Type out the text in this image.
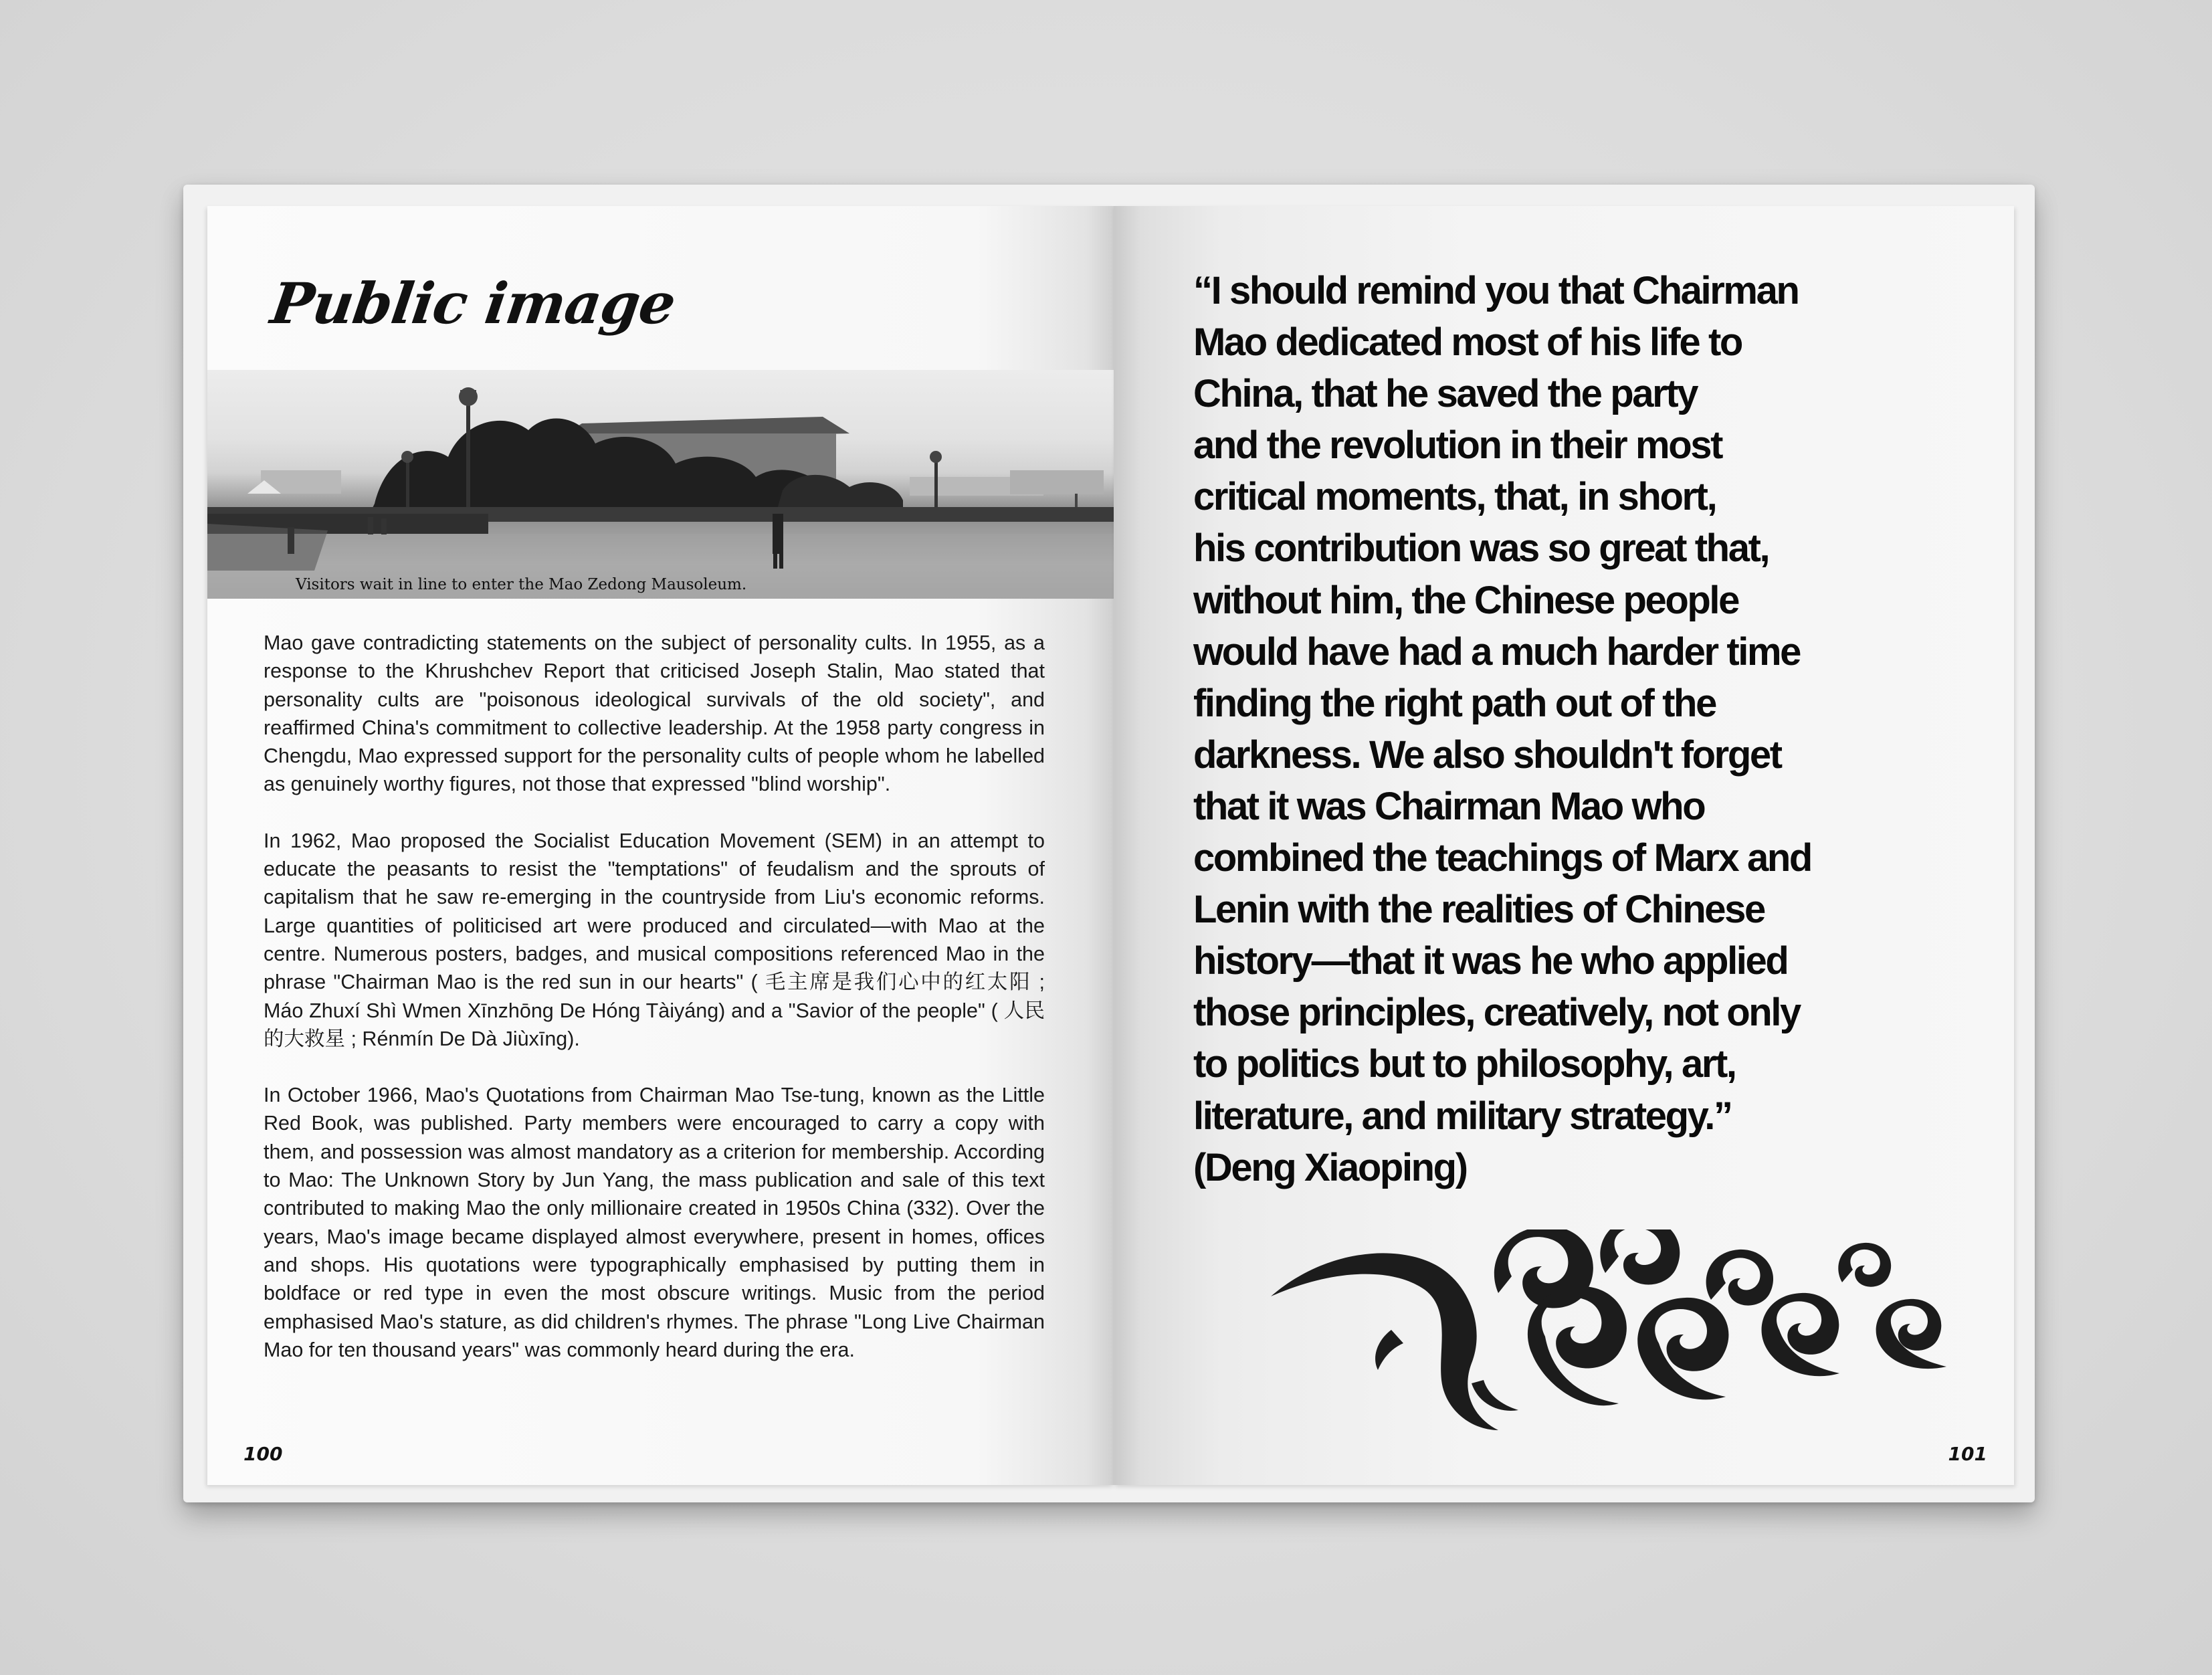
Public image
Visitors wait in line to enter the Mao Zedong Mausoleum.

Mao gave contradicting statements on the subject of personality cults. In 1955, as a response to the Khrushchev Report that criticised Joseph Stalin, Mao stated that personality cults are "poisonous ideological survivals of the old society", and reaffirmed China's commitment to collective leadership. At the 1958 party congress in Chengdu, Mao expressed support for the personality cults of people whom he labelled as genuinely worthy figures, not those that expressed "blind worship".

In 1962, Mao proposed the Socialist Education Movement (SEM) in an attempt to educate the peasants to resist the "temptations" of feudalism and the sprouts of capitalism that he saw re-emerging in the countryside from Liu's economic reforms. Large quantities of politicised art were produced and circulated—with Mao at the centre. Numerous posters, badges, and musical compositions referenced Mao in the phrase "Chairman Mao is the red sun in our hearts" ( 毛主席是我们心中的红太阳 ; Máo Zhuxí Shì Wmen Xīnzhōng De Hóng Tàiyáng) and a "Savior of the people" ( 人民的大救星 ; Rénmín De Dà Jiùxīng).

In October 1966, Mao's Quotations from Chairman Mao Tse-tung, known as the Little Red Book, was published. Party members were encouraged to carry a copy with them, and possession was almost mandatory as a criterion for membership. According to Mao: The Unknown Story by Jun Yang, the mass publication and sale of this text contributed to making Mao the only millionaire created in 1950s China (332). Over the years, Mao's image became displayed almost everywhere, present in homes, offices and shops. His quotations were typographically emphasised by putting them in boldface or red type in even the most obscure writings. Music from the period emphasised Mao's stature, as did children's rhymes. The phrase "Long Live Chairman Mao for ten thousand years" was commonly heard during the era.

100
“I should remind you that Chairman
Mao dedicated most of his life to
China, that he saved the party
and the revolution in their most
critical moments, that, in short,
his contribution was so great that,
without him, the Chinese people
would have had a much harder time
finding the right path out of the
darkness. We also shouldn't forget
that it was Chairman Mao who
combined the teachings of Marx and
Lenin with the realities of Chinese
history—that it was he who applied
those principles, creatively, not only
to politics but to philosophy, art,
literature, and military strategy.”
(Deng Xiaoping)
101
